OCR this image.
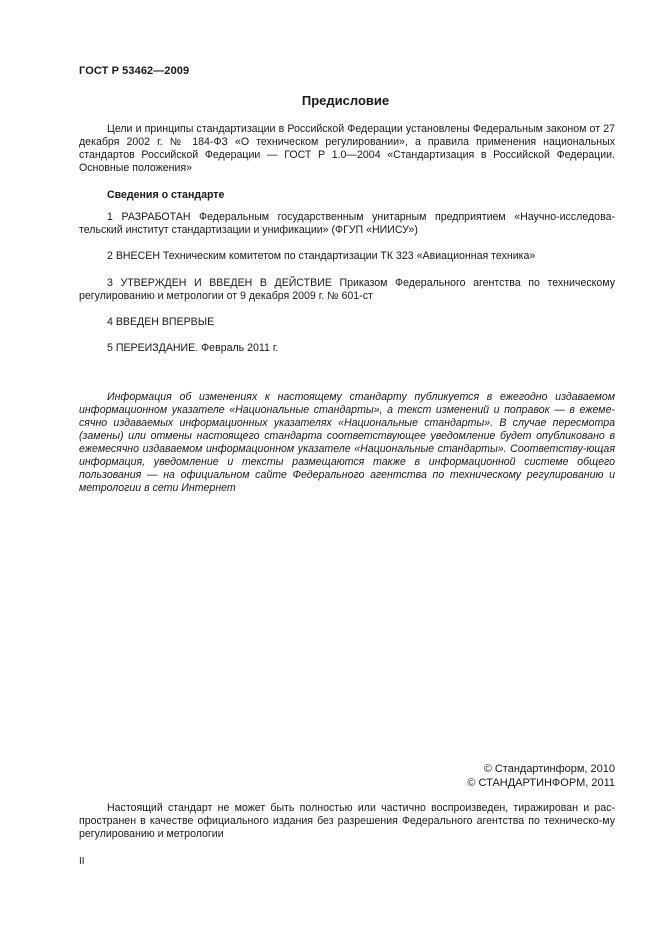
ГОСТ Р 53462—2009
Предисловие
Цели и принципы стандартизации в Российской Федерации установлены Федеральным законом от 27 декабря 2002 г. № 184-ФЗ «О техническом регулировании», а правила применения национальных стандартов Российской Федерации — ГОСТ Р 1.0—2004 «Стандартизация в Российской Федерации. Основные положения»
Сведения о стандарте
1 РАЗРАБОТАН Федеральным государственным унитарным предприятием «Научно-исследова-тельский институт стандартизации и унификации» (ФГУП «НИИСУ»)
2 ВНЕСЕН Техническим комитетом по стандартизации ТК 323 «Авиационная техника»
3 УТВЕРЖДЕН И ВВЕДЕН В ДЕЙСТВИЕ Приказом Федерального агентства по техническому регулированию и метрологии от 9 декабря 2009 г. № 601-ст
4 ВВЕДЕН ВПЕРВЫЕ
5 ПЕРЕИЗДАНИЕ. Февраль 2011 г.
Информация об изменениях к настоящему стандарту публикуется в ежегодно издаваемом информационном указателе «Национальные стандарты», а текст изменений и поправок — в ежеме-сячно издаваемых информационных указателях «Национальные стандарты». В случае пересмотра (замены) или отмены настоящего стандарта соответствующее уведомление будет опубликовано в ежемесячно издаваемом информационном указателе «Национальные стандарты». Соответству-ющая информация, уведомление и тексты размещаются также в информационной системе общего пользования — на официальном сайте Федерального агентства по техническому регулированию и метрологии в сети Интернет
© Стандартинформ, 2010
© СТАНДАРТИНФОРМ, 2011
Настоящий стандарт не может быть полностью или частично воспроизведен, тиражирован и рас-пространен в качестве официального издания без разрешения Федерального агентства по техническо-му регулированию и метрологии
II
